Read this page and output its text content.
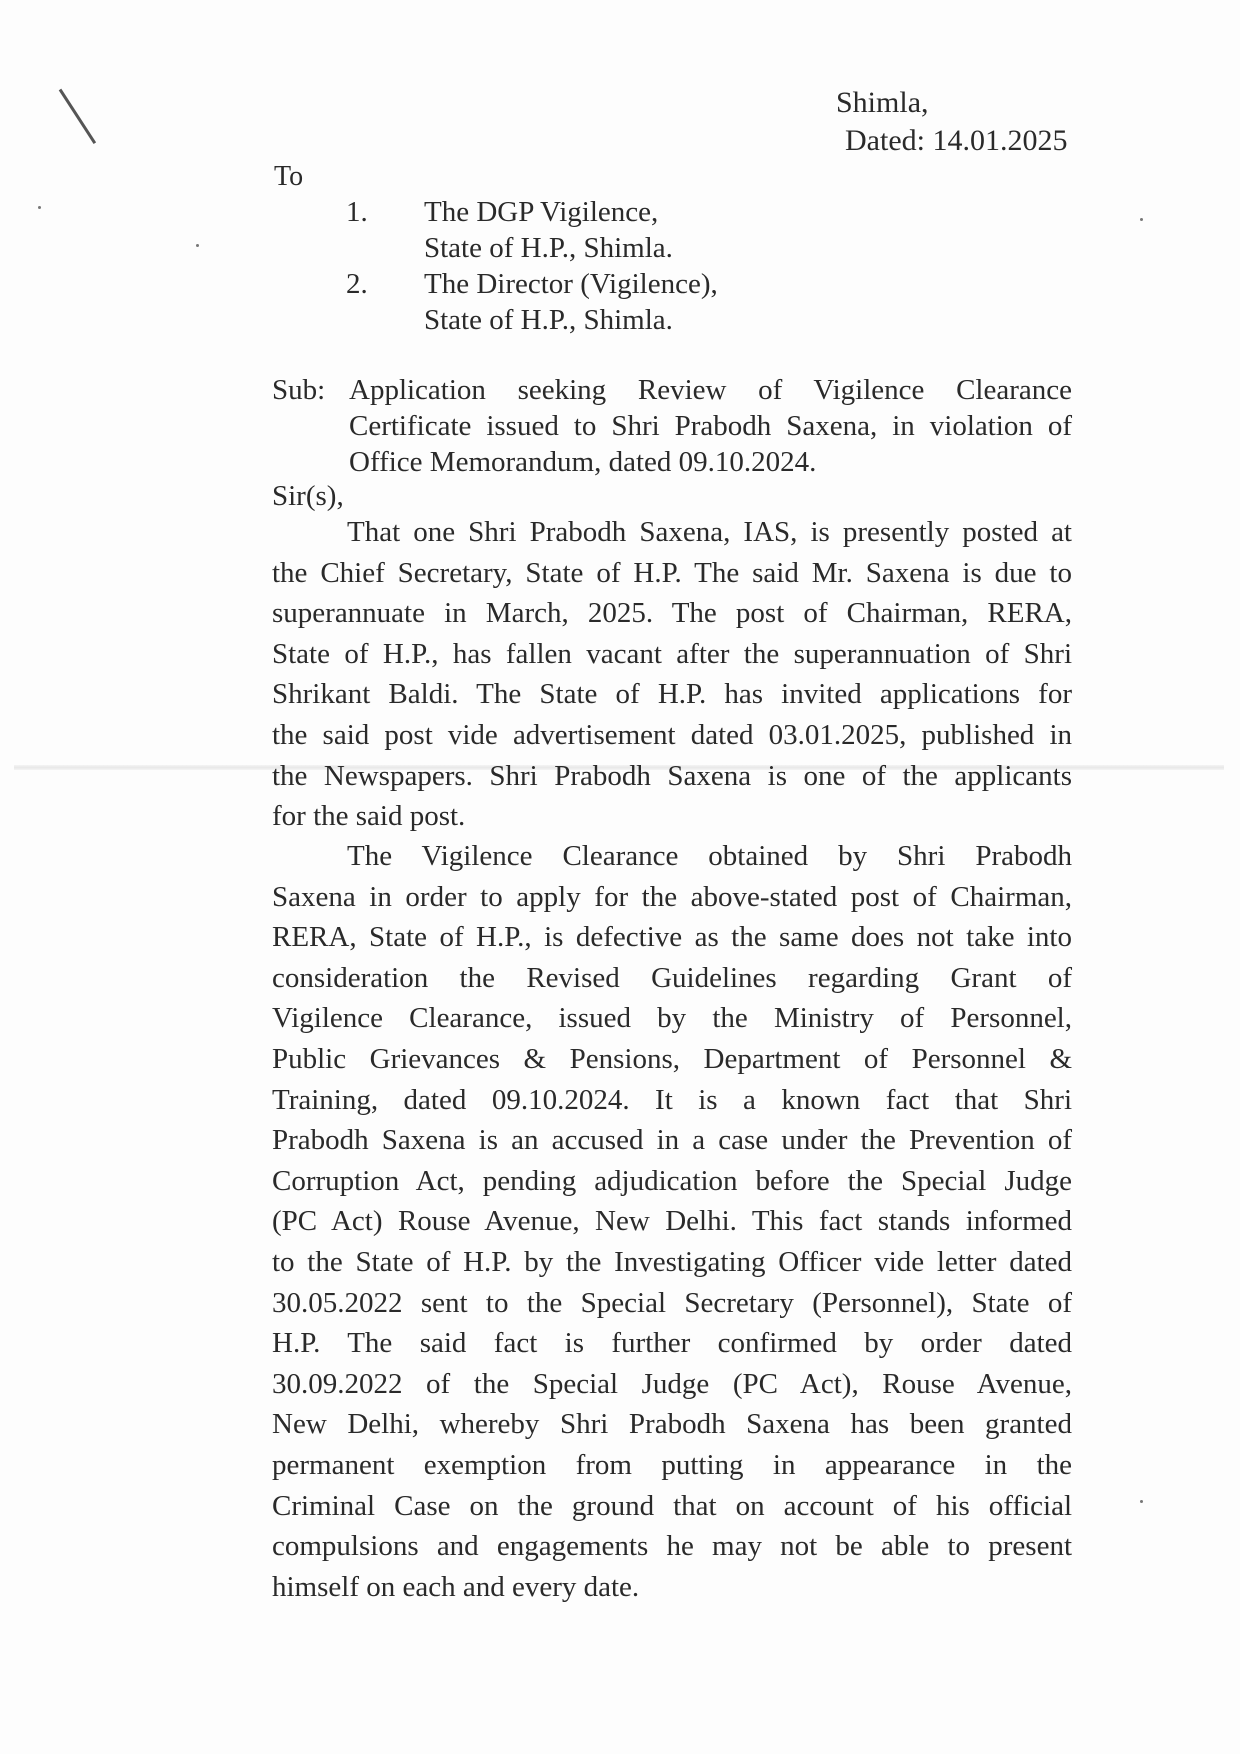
Shimla,
Dated: 14.01.2025
To
1.	The DGP Vigilence,
State of H.P., Shimla.
2.	The Director (Vigilence),
State of H.P., Shimla.
Sub: Application seeking Review of Vigilence Clearance
Certificate issued to Shri Prabodh Saxena, in violation of
Office Memorandum, dated 09.10.2024.
Sir(s),
That one Shri Prabodh Saxena, IAS, is presently posted at
the Chief Secretary, State of H.P. The said Mr. Saxena is due to
superannuate in March, 2025. The post of Chairman, RERA,
State of H.P., has fallen vacant after the superannuation of Shri
Shrikant Baldi. The State of H.P. has invited applications for
the said post vide advertisement dated 03.01.2025, published in
the Newspapers. Shri Prabodh Saxena is one of the applicants
for the said post.
The Vigilence Clearance obtained by Shri Prabodh
Saxena in order to apply for the above-stated post of Chairman,
RERA, State of H.P., is defective as the same does not take into
consideration the Revised Guidelines regarding Grant of
Vigilence Clearance, issued by the Ministry of Personnel,
Public Grievances & Pensions, Department of Personnel &
Training, dated 09.10.2024. It is a known fact that Shri
Prabodh Saxena is an accused in a case under the Prevention of
Corruption Act, pending adjudication before the Special Judge
(PC Act) Rouse Avenue, New Delhi. This fact stands informed
to the State of H.P. by the Investigating Officer vide letter dated
30.05.2022 sent to the Special Secretary (Personnel), State of
H.P. The said fact is further confirmed by order dated
30.09.2022 of the Special Judge (PC Act), Rouse Avenue,
New Delhi, whereby Shri Prabodh Saxena has been granted
permanent exemption from putting in appearance in the
Criminal Case on the ground that on account of his official
compulsions and engagements he may not be able to present
himself on each and every date.
